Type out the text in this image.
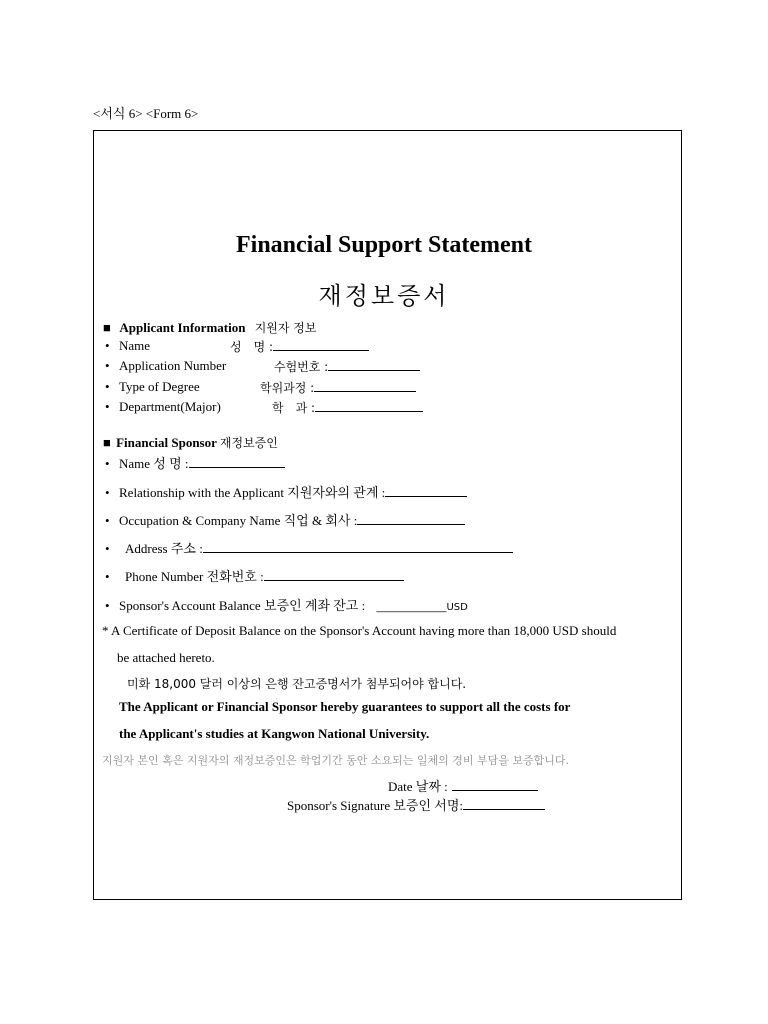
<서식 6> <Form 6>
Financial Support Statement
재정보증서
■ Applicant Information 지원자 정보
• Name	성　명 :
• Application Number	수험번호 :
• Type of Degree	학위과정 :
• Department(Major)	학　과 :
■ Financial Sponsor 재정보증인
• Name 성 명 :
• Relationship with the Applicant 지원자와의 관계 :
• Occupation & Company Name 직업 & 회사 :
• Address 주소 :
• Phone Number 전화번호 :
• Sponsor's Account Balance 보증인 계좌 잔고 : ______________USD
* A Certificate of Deposit Balance on the Sponsor's Account having more than 18,000 USD should
be attached hereto.
미화 18,000 달러 이상의 은행 잔고증명서가 첨부되어야 합니다.
The Applicant or Financial Sponsor hereby guarantees to support all the costs for
the Applicant's studies at Kangwon National University.
지원자 본인 혹은 지원자의 재정보증인은 학업기간 동안 소요되는 일체의 경비 부담을 보증합니다.
Date 날짜 :
Sponsor's Signature 보증인 서명:
